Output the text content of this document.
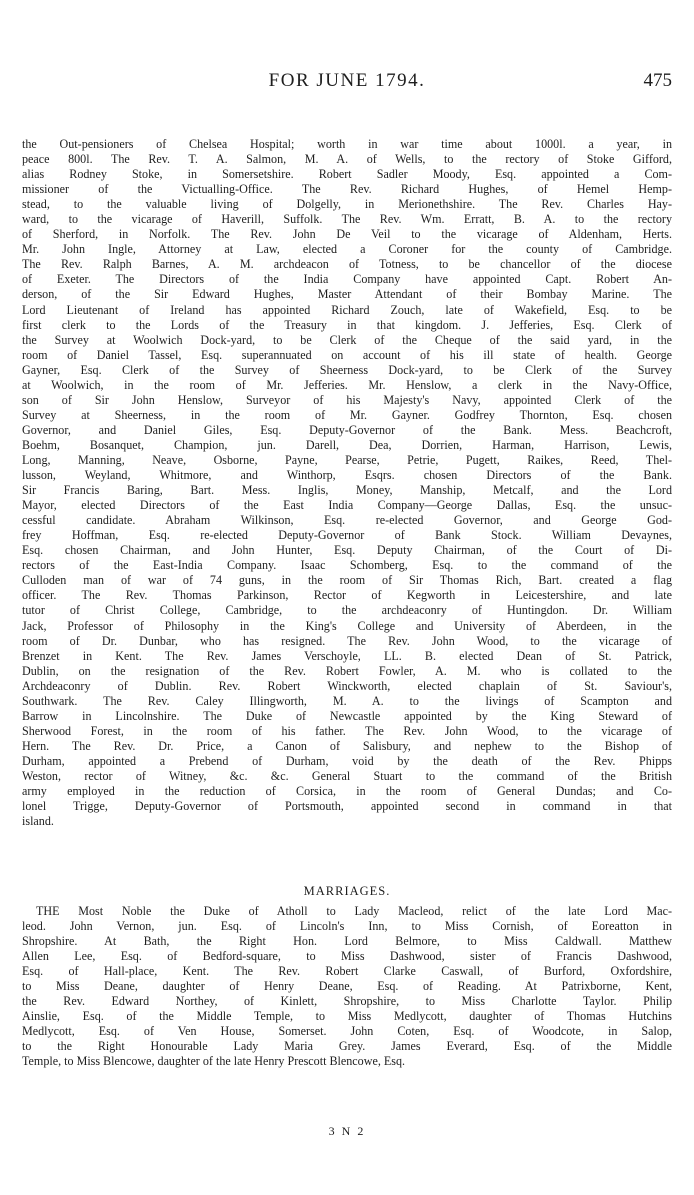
FOR JUNE 1794.	475
the Out-pensioners of Chelsea Hospital; worth in war time about 1000l. a year, in
peace 800l. The Rev. T. A. Salmon, M. A. of Wells, to the rectory of Stoke Gifford,
alias Rodney Stoke, in Somersetshire. Robert Sadler Moody, Esq. appointed a Com-
missioner of the Victualling-Office. The Rev. Richard Hughes, of Hemel Hemp-
stead, to the valuable living of Dolgelly, in Merionethshire. The Rev. Charles Hay-
ward, to the vicarage of Haverill, Suffolk. The Rev. Wm. Erratt, B. A. to the rectory
of Sherford, in Norfolk. The Rev. John De Veil to the vicarage of Aldenham, Herts.
Mr. John Ingle, Attorney at Law, elected a Coroner for the county of Cambridge.
The Rev. Ralph Barnes, A. M. archdeacon of Totness, to be chancellor of the diocese
of Exeter. The Directors of the India Company have appointed Capt. Robert An-
derson, of the Sir Edward Hughes, Master Attendant of their Bombay Marine. The
Lord Lieutenant of Ireland has appointed Richard Zouch, late of Wakefield, Esq. to be
first clerk to the Lords of the Treasury in that kingdom. J. Jefferies, Esq. Clerk of
the Survey at Woolwich Dock-yard, to be Clerk of the Cheque of the said yard, in the
room of Daniel Tassel, Esq. superannuated on account of his ill state of health. George
Gayner, Esq. Clerk of the Survey of Sheerness Dock-yard, to be Clerk of the Survey
at Woolwich, in the room of Mr. Jefferies. Mr. Henslow, a clerk in the Navy-Office,
son of Sir John Henslow, Surveyor of his Majesty's Navy, appointed Clerk of the
Survey at Sheerness, in the room of Mr. Gayner. Godfrey Thornton, Esq. chosen
Governor, and Daniel Giles, Esq. Deputy-Governor of the Bank. Mess. Beachcroft,
Boehm, Bosanquet, Champion, jun. Darell, Dea, Dorrien, Harman, Harrison, Lewis,
Long, Manning, Neave, Osborne, Payne, Pearse, Petrie, Pugett, Raikes, Reed, Thel-
lusson, Weyland, Whitmore, and Winthorp, Esqrs. chosen Directors of the Bank.
Sir Francis Baring, Bart. Mess. Inglis, Money, Manship, Metcalf, and the Lord
Mayor, elected Directors of the East India Company—George Dallas, Esq. the unsuc-
cessful candidate. Abraham Wilkinson, Esq. re-elected Governor, and George God-
frey Hoffman, Esq. re-elected Deputy-Governor of Bank Stock. William Devaynes,
Esq. chosen Chairman, and John Hunter, Esq. Deputy Chairman, of the Court of Di-
rectors of the East-India Company. Isaac Schomberg, Esq. to the command of the
Culloden man of war of 74 guns, in the room of Sir Thomas Rich, Bart. created a flag
officer. The Rev. Thomas Parkinson, Rector of Kegworth in Leicestershire, and late
tutor of Christ College, Cambridge, to the archdeaconry of Huntingdon. Dr. William
Jack, Professor of Philosophy in the King's College and University of Aberdeen, in the
room of Dr. Dunbar, who has resigned. The Rev. John Wood, to the vicarage of
Brenzet in Kent. The Rev. James Verschoyle, LL. B. elected Dean of St. Patrick,
Dublin, on the resignation of the Rev. Robert Fowler, A. M. who is collated to the
Archdeaconry of Dublin. Rev. Robert Winckworth, elected chaplain of St. Saviour's,
Southwark. The Rev. Caley Illingworth, M. A. to the livings of Scampton and
Barrow in Lincolnshire. The Duke of Newcastle appointed by the King Steward of
Sherwood Forest, in the room of his father. The Rev. John Wood, to the vicarage of
Hern. The Rev. Dr. Price, a Canon of Salisbury, and nephew to the Bishop of
Durham, appointed a Prebend of Durham, void by the death of the Rev. Phipps
Weston, rector of Witney, &c. &c. General Stuart to the command of the British
army employed in the reduction of Corsica, in the room of General Dundas; and Co-
lonel Trigge, Deputy-Governor of Portsmouth, appointed second in command in that
island.
MARRIAGES.
THE Most Noble the Duke of Atholl to Lady Macleod, relict of the late Lord Mac-
leod. John Vernon, jun. Esq. of Lincoln's Inn, to Miss Cornish, of Eoreatton in
Shropshire. At Bath, the Right Hon. Lord Belmore, to Miss Caldwall. Matthew
Allen Lee, Esq. of Bedford-square, to Miss Dashwood, sister of Francis Dashwood,
Esq. of Hall-place, Kent. The Rev. Robert Clarke Caswall, of Burford, Oxfordshire,
to Miss Deane, daughter of Henry Deane, Esq. of Reading. At Patrixborne, Kent,
the Rev. Edward Northey, of Kinlett, Shropshire, to Miss Charlotte Taylor. Philip
Ainslie, Esq. of the Middle Temple, to Miss Medlycott, daughter of Thomas Hutchins
Medlycott, Esq. of Ven House, Somerset. John Coten, Esq. of Woodcote, in Salop,
to the Right Honourable Lady Maria Grey. James Everard, Esq. of the Middle
Temple, to Miss Blencowe, daughter of the late Henry Prescott Blencowe, Esq.
3 N 2
